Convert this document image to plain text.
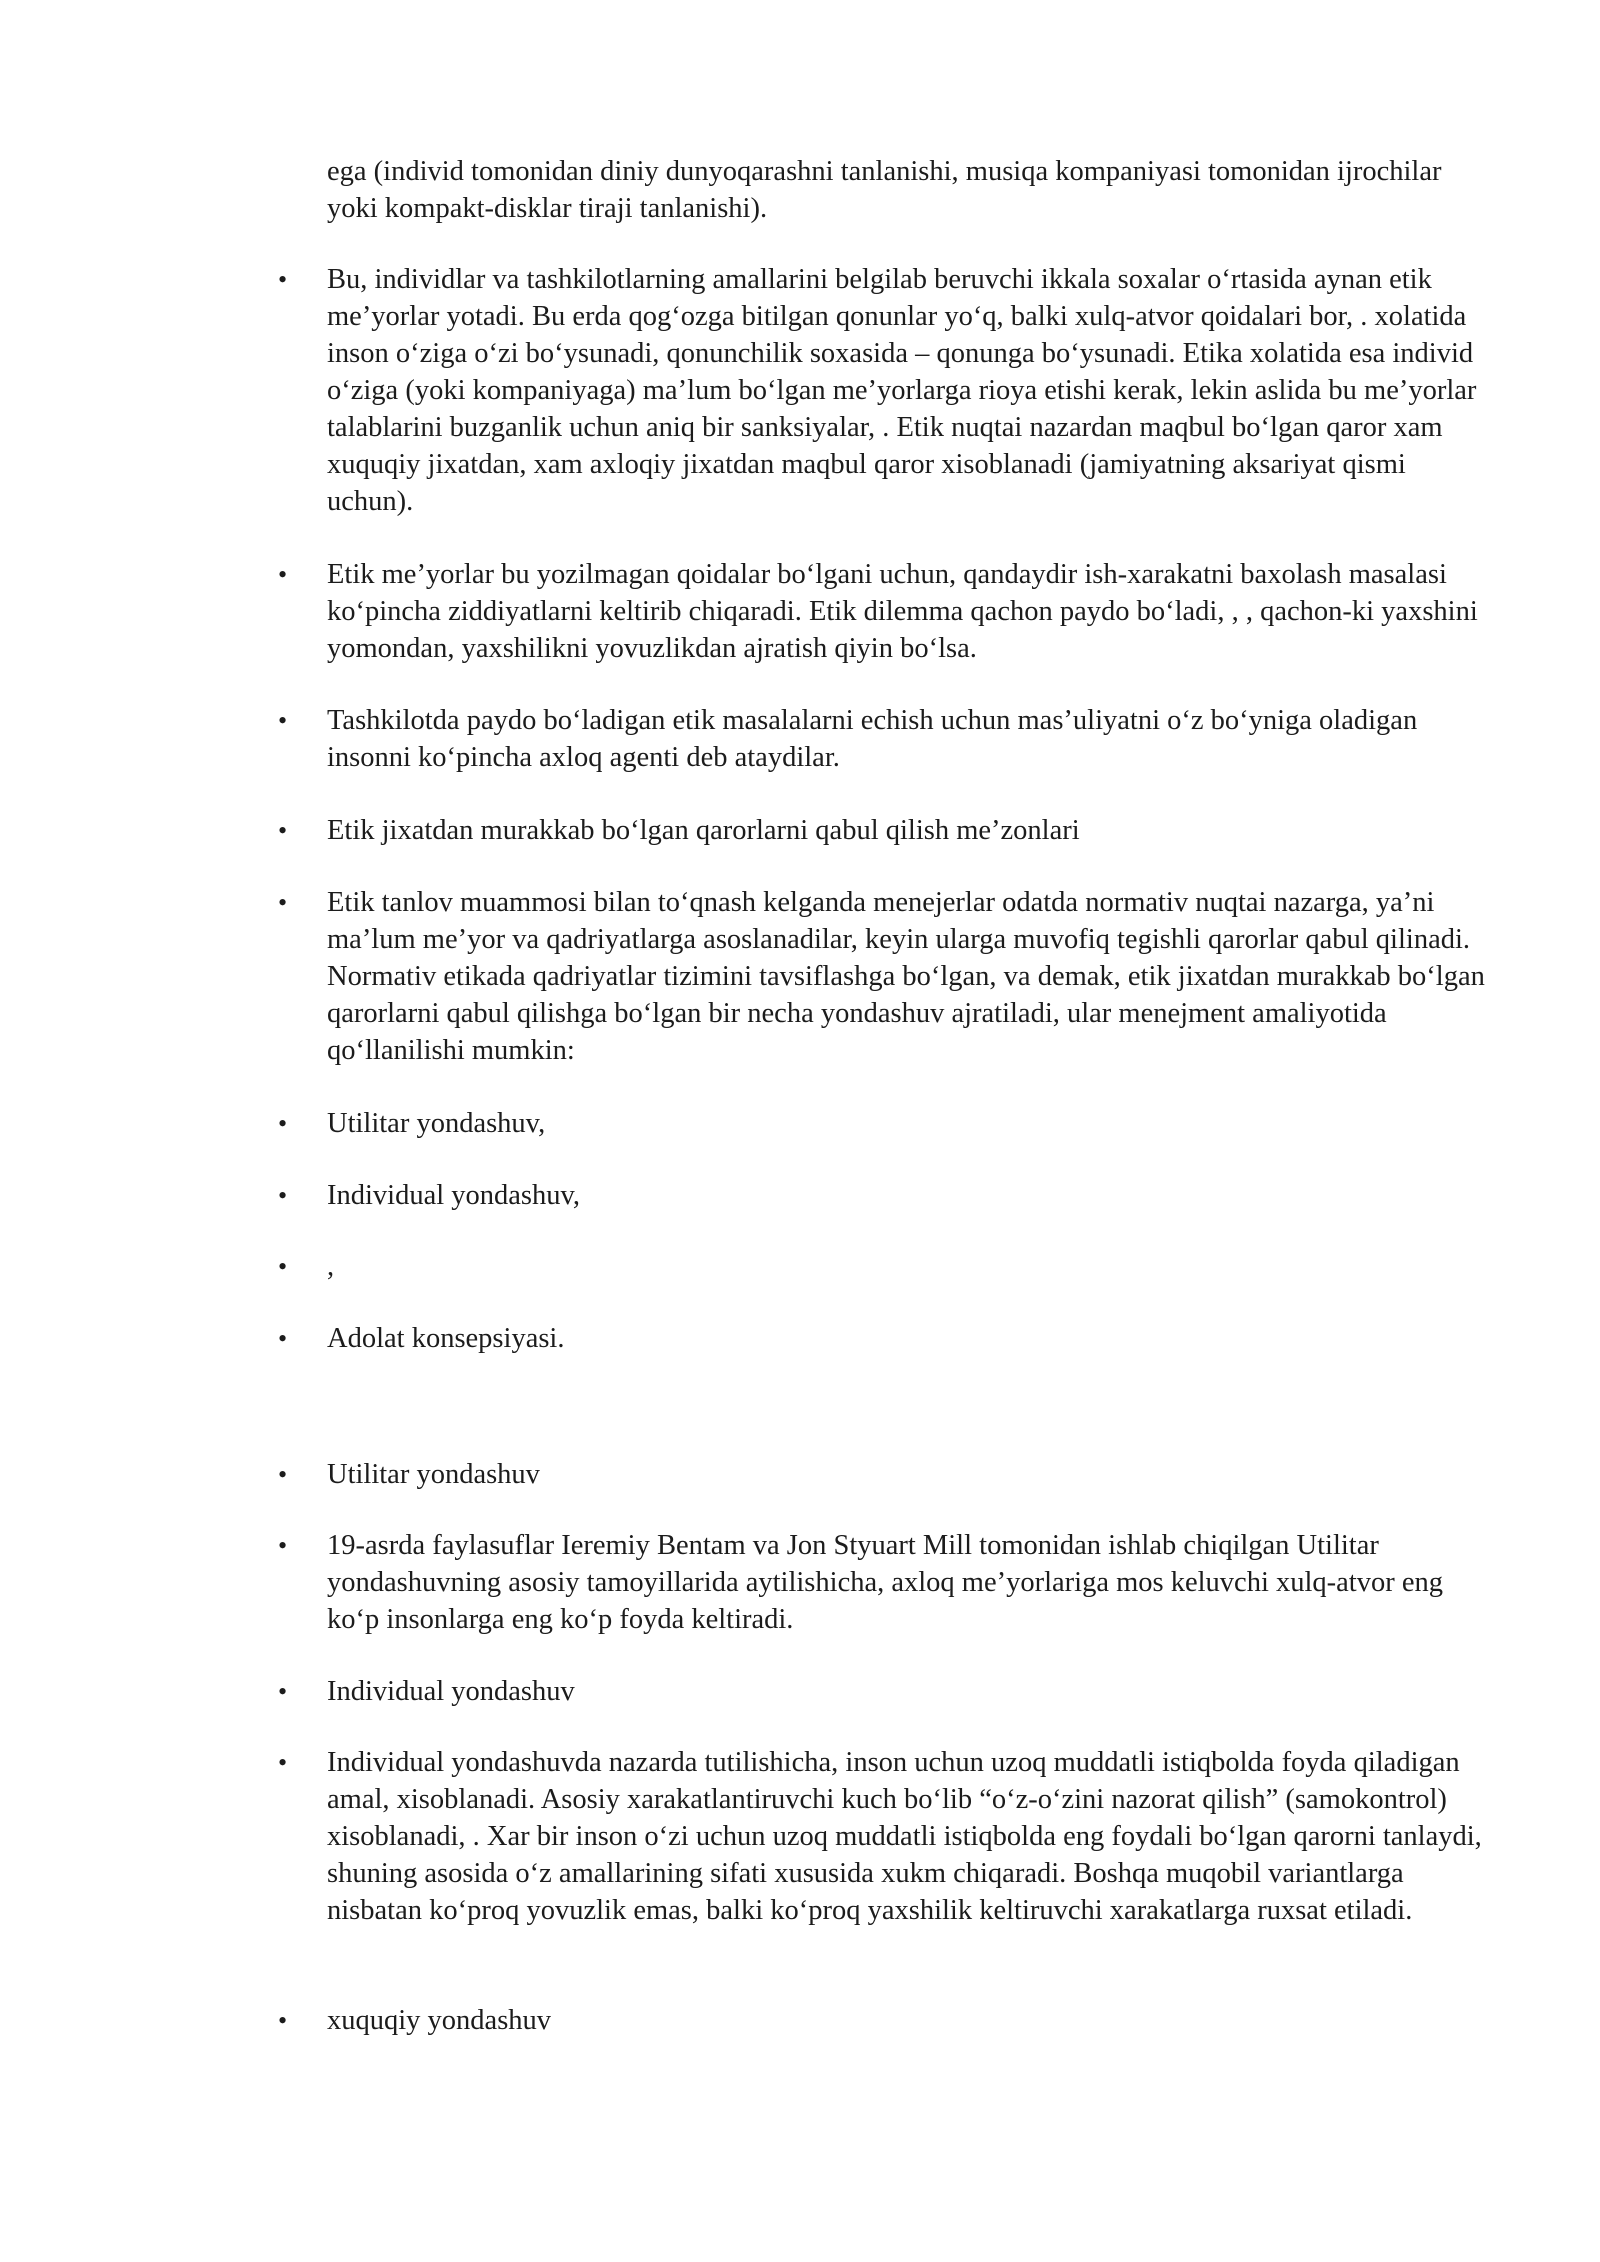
ega (individ tomonidan diniy dunyoqarashni tanlanishi, musiqa kompaniyasi tomonidan ijrochilar yoki kompakt-disklar tiraji tanlanishi).

•	Bu, individlar va tashkilotlarning amallarini belgilab beruvchi ikkala soxalar oʻrtasida aynan etik meʼyorlar yotadi. Bu erda qogʻozga bitilgan qonunlar yoʻq, balki xulq-atvor qoidalari bor, . xolatida inson oʻziga oʻzi boʻysunadi, qonunchilik soxasida – qonunga boʻysunadi. Etika xolatida esa individ oʻziga (yoki kompaniyaga) maʼlum boʻlgan meʼyorlarga rioya etishi kerak, lekin aslida bu meʼyorlar talablarini buzganlik uchun aniq bir sanksiyalar, . Etik nuqtai nazardan maqbul boʻlgan qaror xam xuquqiy jixatdan, xam axloqiy jixatdan maqbul qaror xisoblanadi (jamiyatning aksariyat qismi uchun).

•	Etik meʼyorlar bu yozilmagan qoidalar boʻlgani uchun, qandaydir ish-xarakatni baxolash masalasi koʻpincha ziddiyatlarni keltirib chiqaradi. Etik dilemma qachon paydo boʻladi, , , qachon-ki yaxshini yomondan, yaxshilikni yovuzlikdan ajratish qiyin boʻlsa.

•	Tashkilotda paydo boʻladigan etik masalalarni echish uchun masʼuliyatni oʻz boʻyniga oladigan insonni koʻpincha axloq agenti deb ataydilar.

•	Etik jixatdan murakkab boʻlgan qarorlarni qabul qilish meʼzonlari

•	Etik tanlov muammosi bilan toʻqnash kelganda menejerlar odatda normativ nuqtai nazarga, yaʼni maʼlum meʼyor va qadriyatlarga asoslanadilar, keyin ularga muvofiq tegishli qarorlar qabul qilinadi. Normativ etikada qadriyatlar tizimini tavsiflashga boʻlgan, va demak, etik jixatdan murakkab boʻlgan qarorlarni qabul qilishga boʻlgan bir necha yondashuv ajratiladi, ular menejment amaliyotida qoʻllanilishi mumkin:

•	Utilitar yondashuv,

•	Individual yondashuv,

•	,

•	Adolat konsepsiyasi.

•	Utilitar yondashuv

•	19-asrda faylasuflar Ieremiy Bentam va Jon Styuart Mill tomonidan ishlab chiqilgan Utilitar yondashuvning asosiy tamoyillarida aytilishicha, axloq meʼyorlariga mos keluvchi xulq-atvor eng koʻp insonlarga eng koʻp foyda keltiradi.

•	Individual yondashuv

•	Individual yondashuvda nazarda tutilishicha, inson uchun uzoq muddatli istiqbolda foyda qiladigan amal, xisoblanadi. Asosiy xarakatlantiruvchi kuch boʻlib “oʻz-oʻzini nazorat qilish” (samokontrol) xisoblanadi, . Xar bir inson oʻzi uchun uzoq muddatli istiqbolda eng foydali boʻlgan qarorni tanlaydi, shuning asosida oʻz amallarining sifati xususida xukm chiqaradi. Boshqa muqobil variantlarga nisbatan koʻproq yovuzlik emas, balki koʻproq yaxshilik keltiruvchi xarakatlarga ruxsat etiladi.

•	xuquqiy yondashuv
